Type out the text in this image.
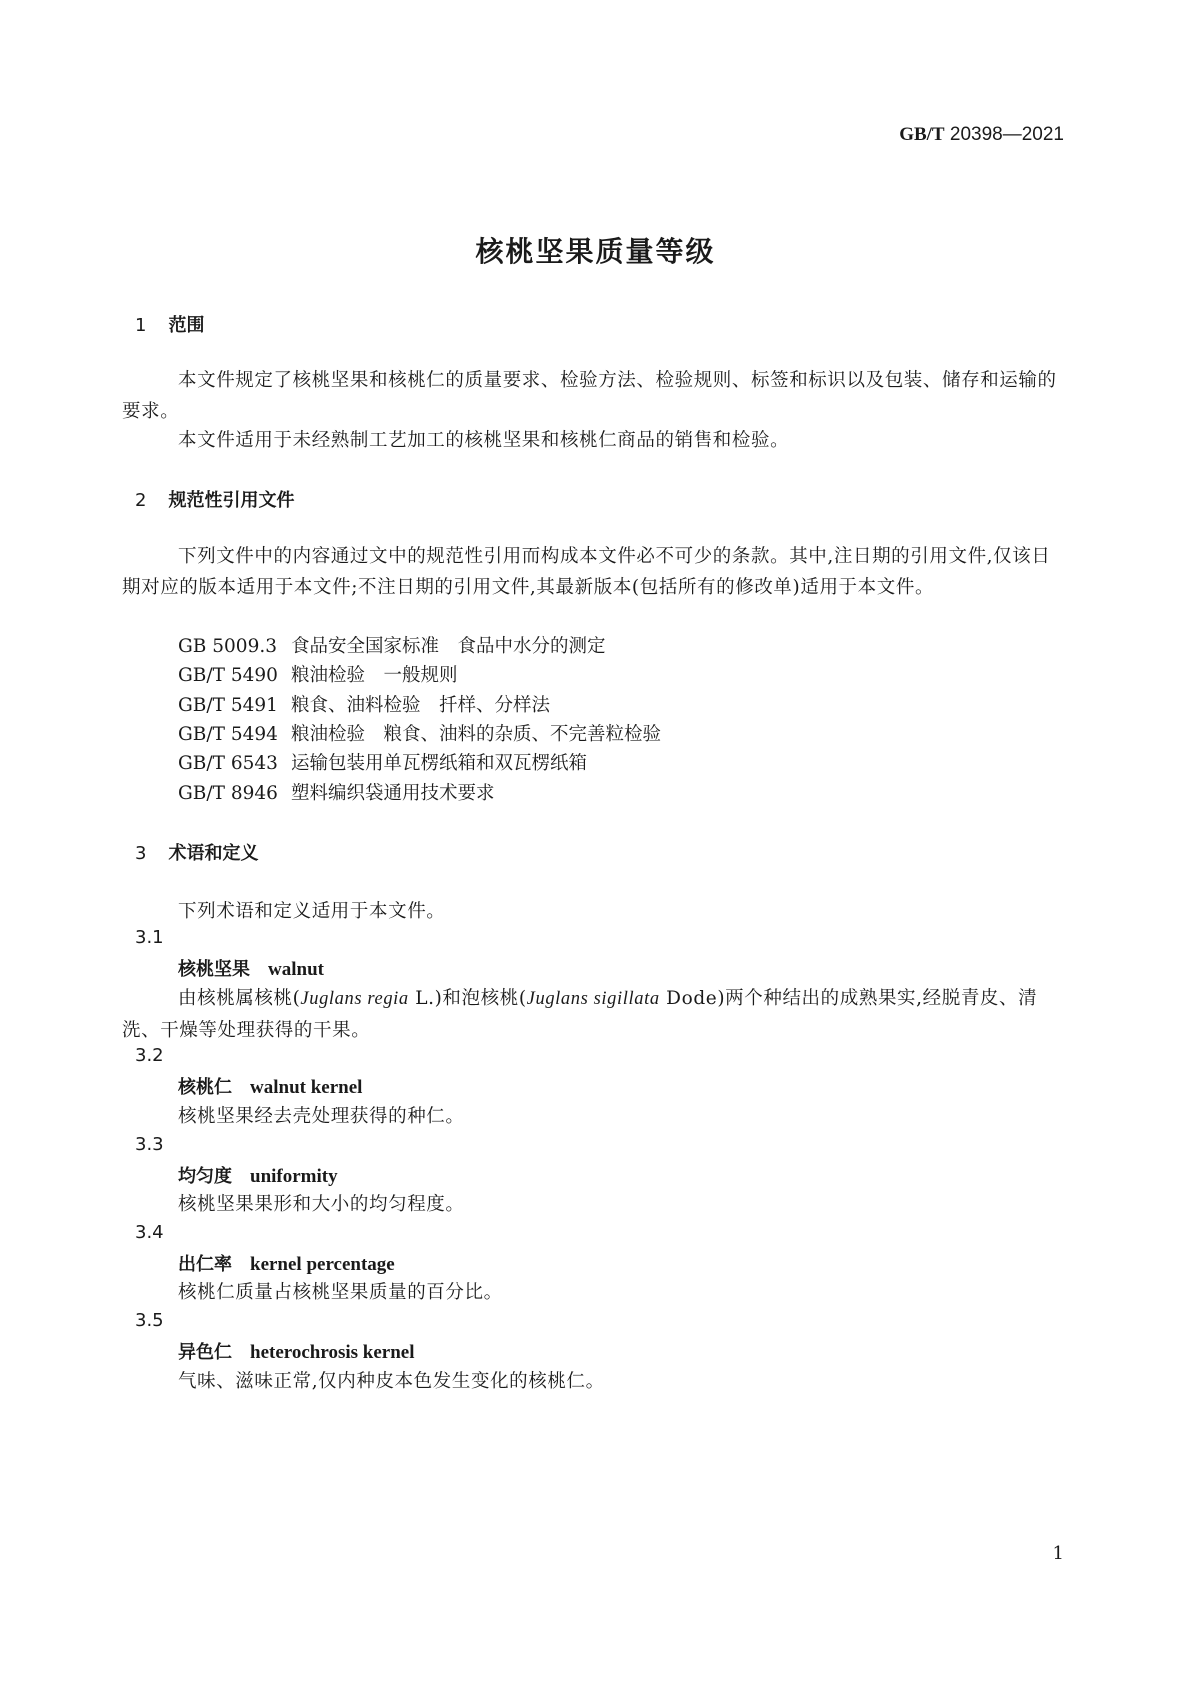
GB/T 20398—2021
核桃坚果质量等级
1 范围
本文件规定了核桃坚果和核桃仁的质量要求、检验方法、检验规则、标签和标识以及包装、储存和运输的要求。
本文件适用于未经熟制工艺加工的核桃坚果和核桃仁商品的销售和检验。
2 规范性引用文件
下列文件中的内容通过文中的规范性引用而构成本文件必不可少的条款。其中,注日期的引用文件,仅该日期对应的版本适用于本文件;不注日期的引用文件,其最新版本(包括所有的修改单)适用于本文件。
GB 5009.3 食品安全国家标准　食品中水分的测定
GB/T 5490 粮油检验　一般规则
GB/T 5491 粮食、油料检验　扦样、分样法
GB/T 5494 粮油检验　粮食、油料的杂质、不完善粒检验
GB/T 6543 运输包装用单瓦楞纸箱和双瓦楞纸箱
GB/T 8946 塑料编织袋通用技术要求
3 术语和定义
下列术语和定义适用于本文件。
3.1
核桃坚果 walnut
由核桃属核桃(Juglans regia L.)和泡核桃(Juglans sigillata Dode)两个种结出的成熟果实,经脱青皮、清洗、干燥等处理获得的干果。
3.2
核桃仁 walnut kernel
核桃坚果经去壳处理获得的种仁。
3.3
均匀度 uniformity
核桃坚果果形和大小的均匀程度。
3.4
出仁率 kernel percentage
核桃仁质量占核桃坚果质量的百分比。
3.5
异色仁 heterochrosis kernel
气味、滋味正常,仅内种皮本色发生变化的核桃仁。
1
